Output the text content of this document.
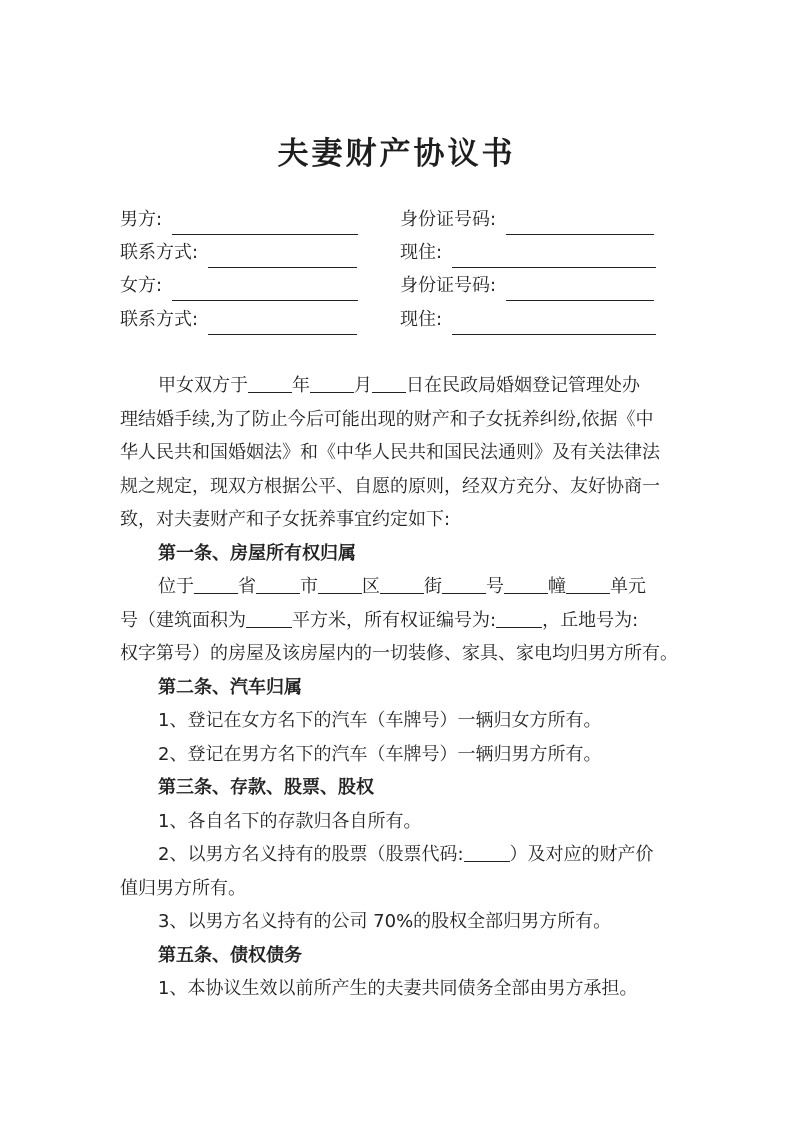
夫妻财产协议书
男方:	身份证号码:
联系方式:	现住:
女方:	身份证号码:
联系方式:	现住:

甲女双方于 年 月 日在民政局婚姻登记管理处办

理结婚手续,为了防止今后可能出现的财产和子女抚养纠纷,依据《中

华人民共和国婚姻法》和《中华人民共和国民法通则》及有关法律法

规之规定，现双方根据公平、自愿的原则，经双方充分、友好协商一

致，对夫妻财产和子女抚养事宜约定如下:

第一条、房屋所有权归属

位于 省 市 区 街 号 幢 单元

号（建筑面积为	平方米，所有权证编号为:	，丘地号为:

权字第号）的房屋及该房屋内的一切装修、家具、家电均归男方所有。

第二条、汽车归属

1、登记在女方名下的汽车（车牌号）一辆归女方所有。

2、登记在男方名下的汽车（车牌号）一辆归男方所有。

第三条、存款、股票、股权

1、各自名下的存款归各自所有。

2、以男方名义持有的股票（股票代码:	）及对应的财产价

值归男方所有。

3、以男方名义持有的公司 70%的股权全部归男方所有。

第五条、债权债务

1、本协议生效以前所产生的夫妻共同债务全部由男方承担。
